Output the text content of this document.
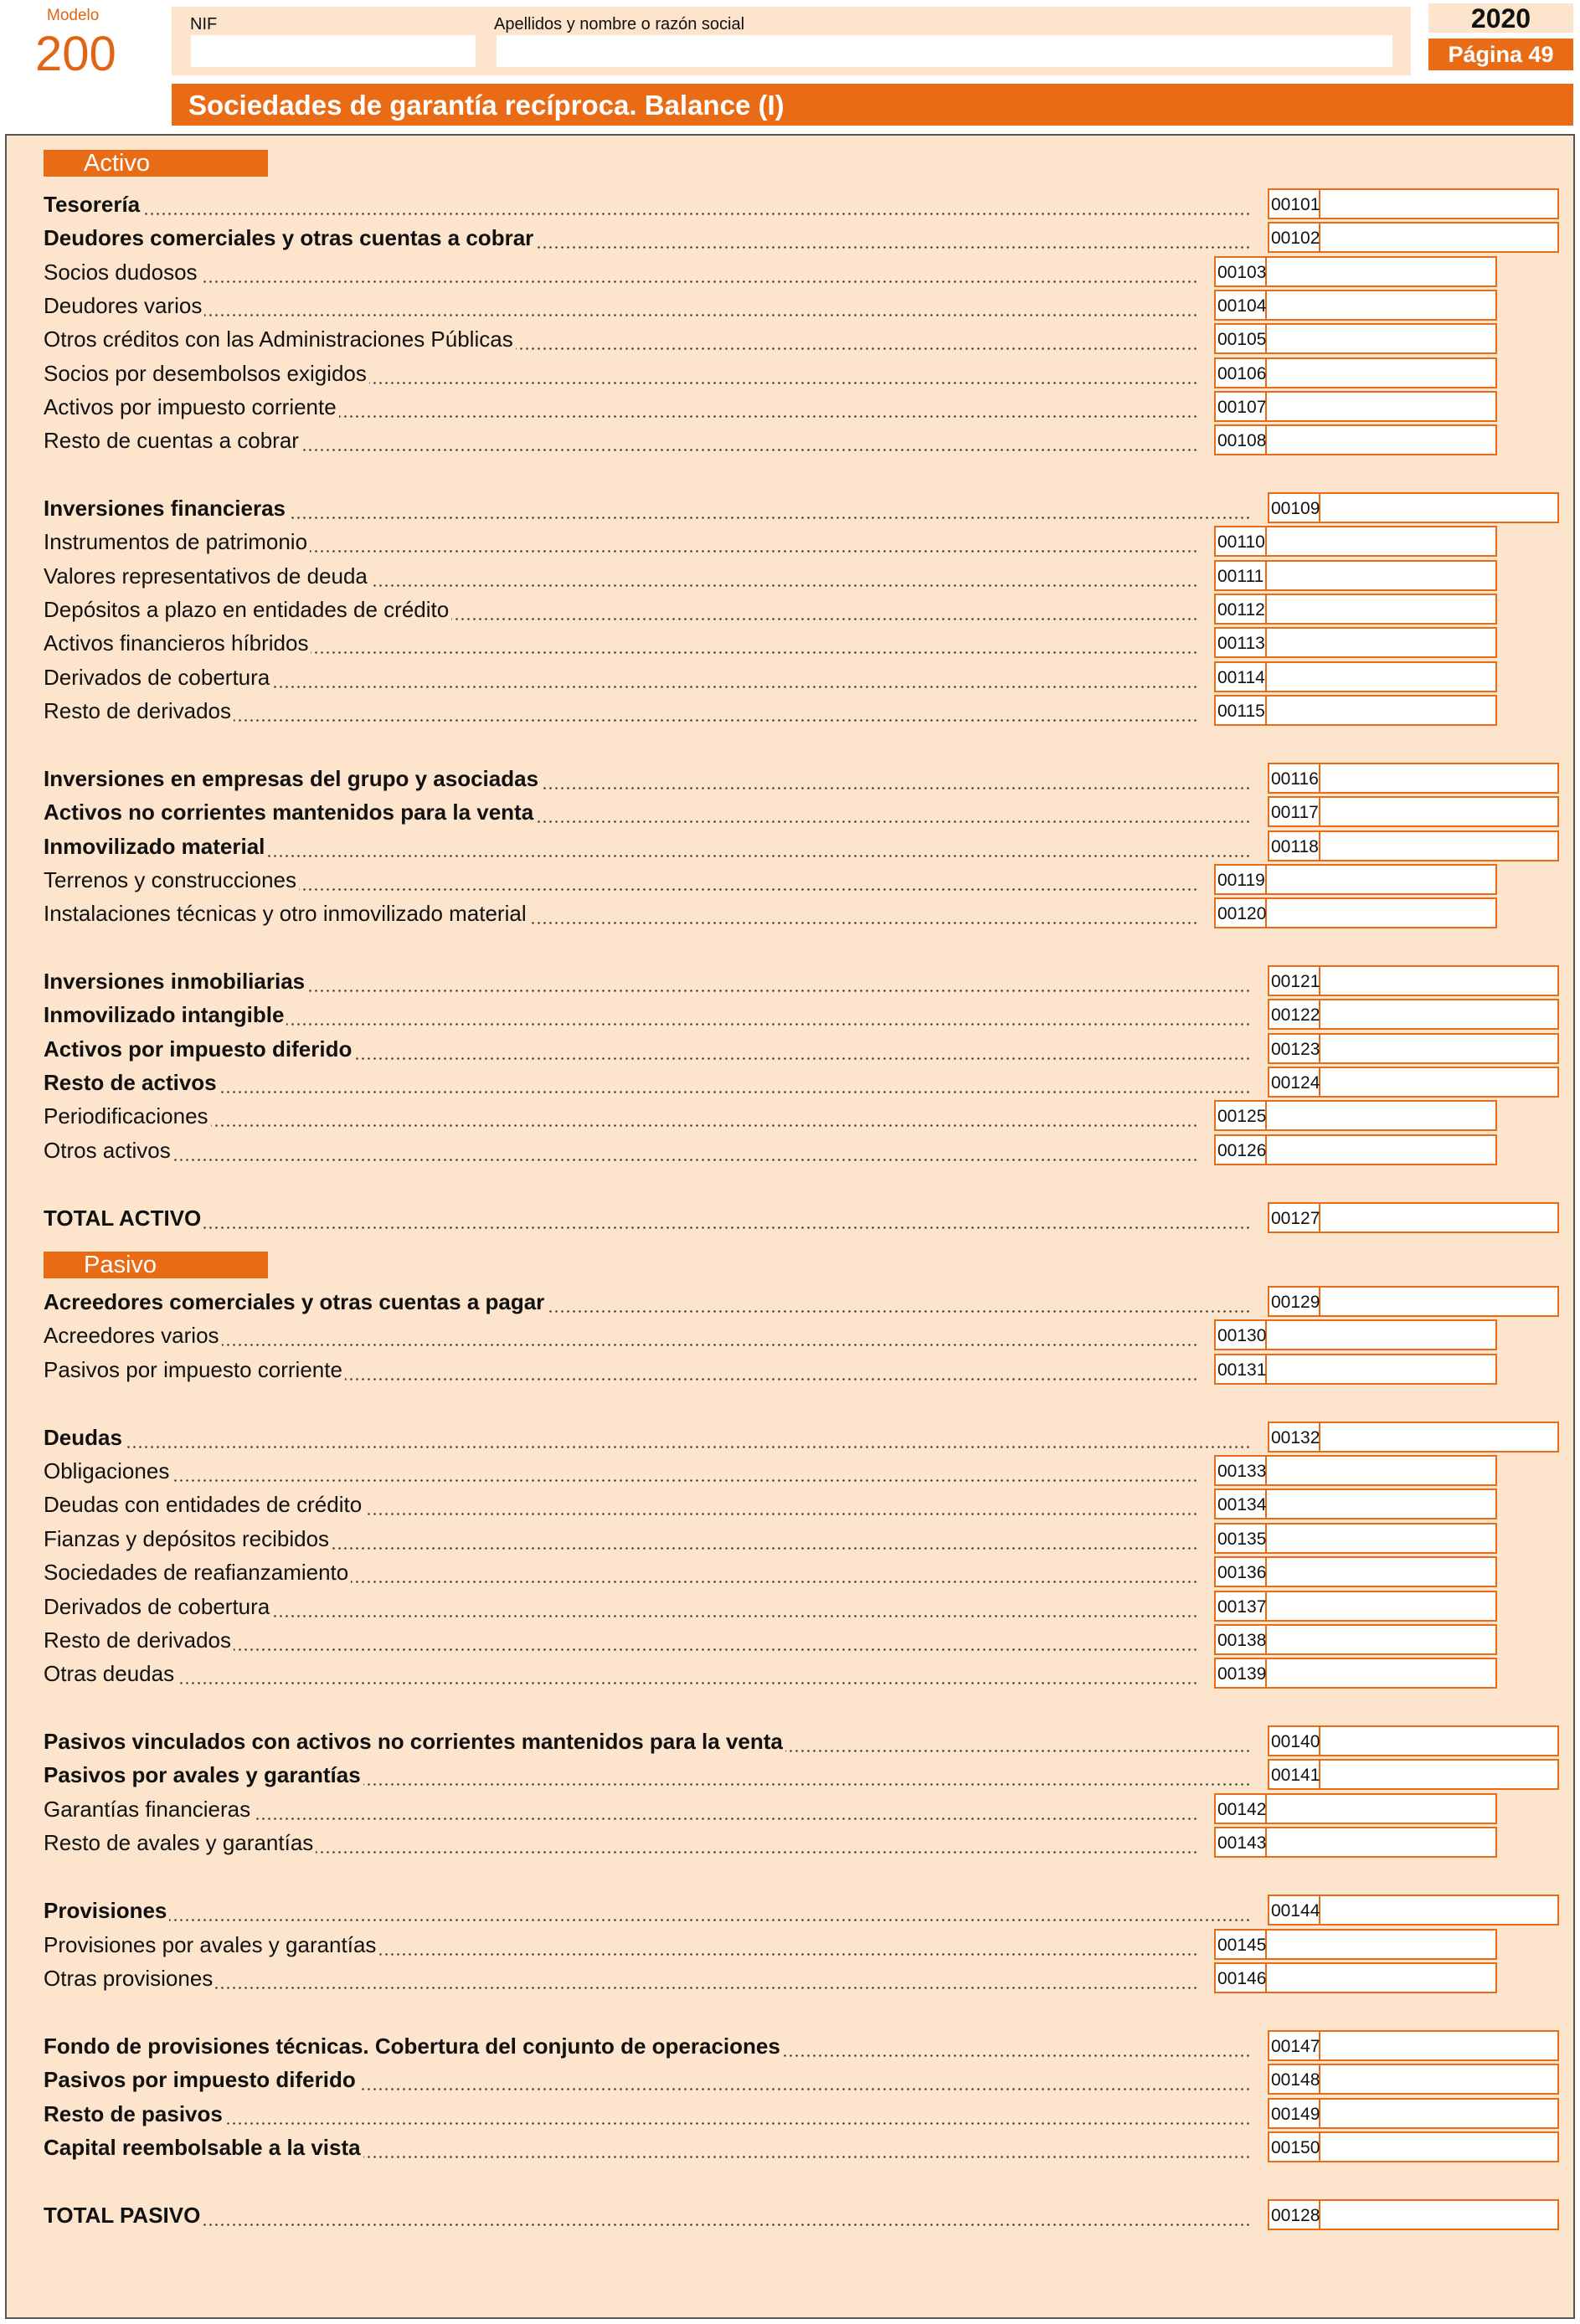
Modelo
200
NIF	Apellidos y nombre o razón social	2020
Página 49
Sociedades de garantía recíproca. Balance (I)
Activo
Tesorería	00101
Deudores comerciales y otras cuentas a cobrar	00102
Socios dudosos	00103
Deudores varios	00104
Otros créditos con las Administraciones Públicas	00105
Socios por desembolsos exigidos	00106
Activos por impuesto corriente	00107
Resto de cuentas a cobrar	00108
Inversiones financieras	00109
Instrumentos de patrimonio	00110
Valores representativos de deuda	00111
Depósitos a plazo en entidades de crédito	00112
Activos financieros híbridos	00113
Derivados de cobertura	00114
Resto de derivados	00115
Inversiones en empresas del grupo y asociadas	00116
Activos no corrientes mantenidos para la venta	00117
Inmovilizado material	00118
Terrenos y construcciones	00119
Instalaciones técnicas y otro inmovilizado material	00120
Inversiones inmobiliarias	00121
Inmovilizado intangible	00122
Activos por impuesto diferido	00123
Resto de activos	00124
Periodificaciones	00125
Otros activos	00126
TOTAL ACTIVO	00127
Pasivo
Acreedores comerciales y otras cuentas a pagar	00129
Acreedores varios	00130
Pasivos por impuesto corriente	00131
Deudas	00132
Obligaciones	00133
Deudas con entidades de crédito	00134
Fianzas y depósitos recibidos	00135
Sociedades de reafianzamiento	00136
Derivados de cobertura	00137
Resto de derivados	00138
Otras deudas	00139
Pasivos vinculados con activos no corrientes mantenidos para la venta	00140
Pasivos por avales y garantías	00141
Garantías financieras	00142
Resto de avales y garantías	00143
Provisiones	00144
Provisiones por avales y garantías	00145
Otras provisiones	00146
Fondo de provisiones técnicas. Cobertura del conjunto de operaciones	00147
Pasivos por impuesto diferido	00148
Resto de pasivos	00149
Capital reembolsable a la vista	00150
TOTAL PASIVO	00128
